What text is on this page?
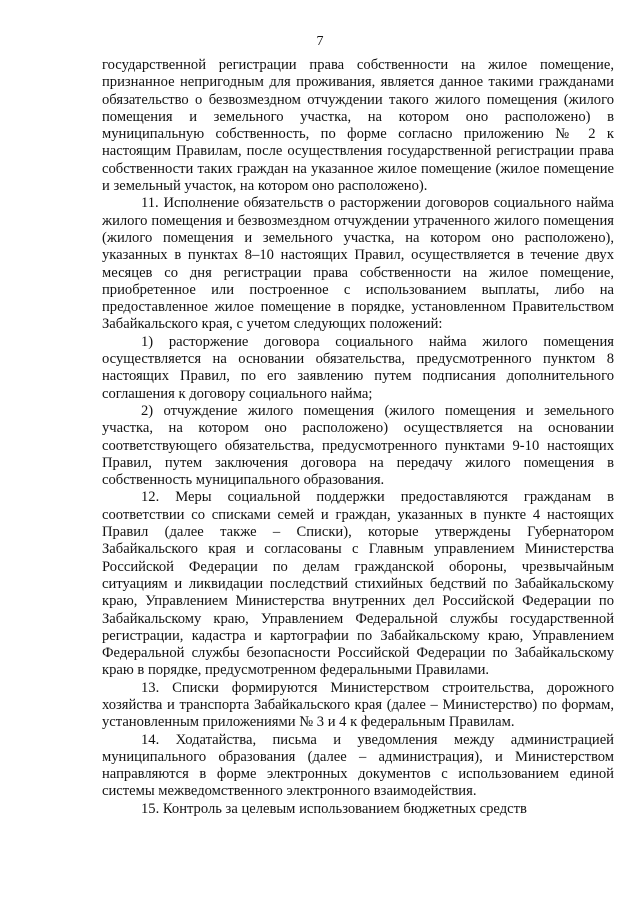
7

государственной регистрации права собственности на жилое помещение, признанное непригодным для проживания, является данное такими гражданами обязательство о безвозмездном отчуждении такого жилого помещения (жилого помещения и земельного участка, на котором оно расположено) в муниципальную собственность, по форме согласно приложению № 2 к настоящим Правилам, после осуществления государственной регистрации права собственности таких граждан на указанное жилое помещение (жилое помещение и земельный участок, на котором оно расположено).

11. Исполнение обязательств о расторжении договоров социального найма жилого помещения и безвозмездном отчуждении утраченного жилого помещения (жилого помещения и земельного участка, на котором оно расположено), указанных в пунктах 8–10 настоящих Правил, осуществляется в течение двух месяцев со дня регистрации права собственности на жилое помещение, приобретенное или построенное с использованием выплаты, либо на предоставленное жилое помещение в порядке, установленном Правительством Забайкальского края, с учетом следующих положений:

1) расторжение договора социального найма жилого помещения осуществляется на основании обязательства, предусмотренного пунктом 8 настоящих Правил, по его заявлению путем подписания дополнительного соглашения к договору социального найма;

2) отчуждение жилого помещения (жилого помещения и земельного участка, на котором оно расположено) осуществляется на основании соответствующего обязательства, предусмотренного пунктами 9-10 настоящих Правил, путем заключения договора на передачу жилого помещения в собственность муниципального образования.

12. Меры социальной поддержки предоставляются гражданам в соответствии со списками семей и граждан, указанных в пункте 4 настоящих Правил (далее также – Списки), которые утверждены Губернатором Забайкальского края и согласованы с Главным управлением Министерства Российской Федерации по делам гражданской обороны, чрезвычайным ситуациям и ликвидации последствий стихийных бедствий по Забайкальскому краю, Управлением Министерства внутренних дел Российской Федерации по Забайкальскому краю, Управлением Федеральной службы государственной регистрации, кадастра и картографии по Забайкальскому краю, Управлением Федеральной службы безопасности Российской Федерации по Забайкальскому краю в порядке, предусмотренном федеральными Правилами.

13. Списки формируются Министерством строительства, дорожного хозяйства и транспорта Забайкальского края (далее – Министерство) по формам, установленным приложениями № 3 и 4 к федеральным Правилам.

14. Ходатайства, письма и уведомления между администрацией муниципального образования (далее – администрация), и Министерством направляются в форме электронных документов с использованием единой системы межведомственного электронного взаимодействия.

15. Контроль за целевым использованием бюджетных средств
